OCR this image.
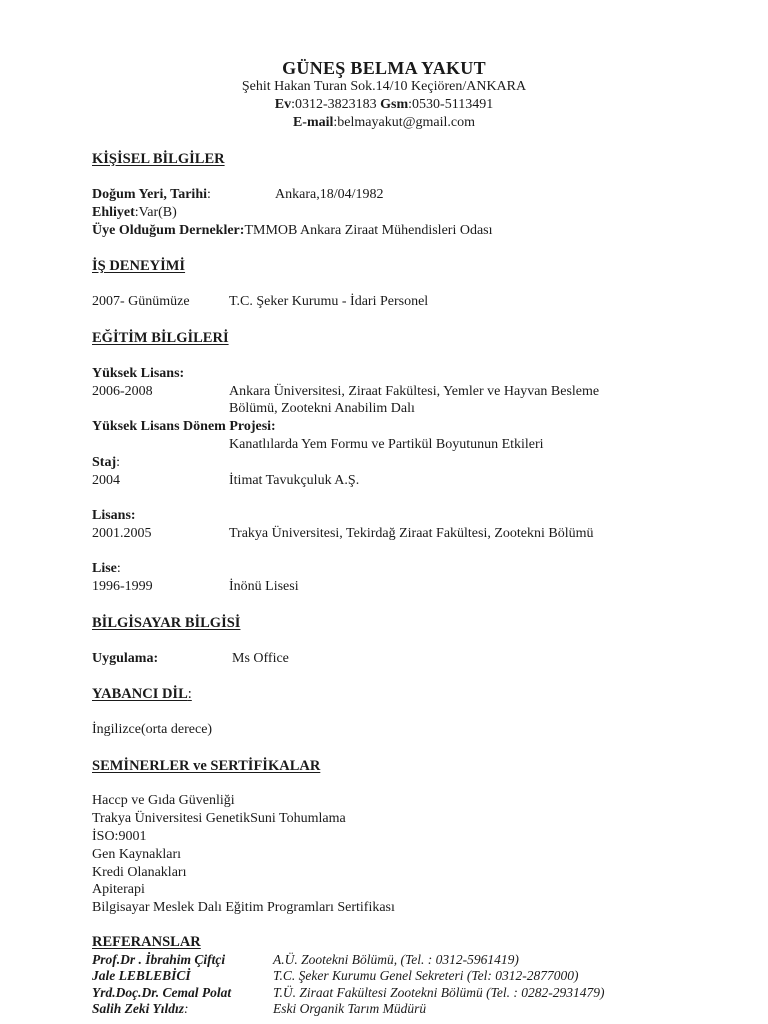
GÜNEŞ BELMA YAKUT
Şehit Hakan Turan Sok.14/10 Keçiören/ANKARA
Ev:0312-3823183 Gsm:0530-5113491
E-mail:belmayakut@gmail.com
KİŞİSEL BİLGİLER
Doğum Yeri, Tarihi:	Ankara,18/04/1982
Ehliyet:Var(B)
Üye Olduğum Dernekler:TMMOB Ankara Ziraat Mühendisleri Odası
İŞ DENEYİMİ
2007- Günümüze	T.C. Şeker Kurumu - İdari Personel
EĞİTİM BİLGİLERİ
Yüksek Lisans:
2006-2008	Ankara Üniversitesi, Ziraat Fakültesi, Yemler ve Hayvan Besleme
Bölümü, Zootekni Anabilim Dalı
Yüksek Lisans Dönem Projesi:
Kanatlılarda Yem Formu ve Partikül Boyutunun Etkileri
Staj:
2004	İtimat Tavukçuluk A.Ş.
Lisans:
2001.2005	Trakya Üniversitesi, Tekirdağ Ziraat Fakültesi, Zootekni Bölümü
Lise:
1996-1999	İnönü Lisesi
BİLGİSAYAR BİLGİSİ
Uygulama:	Ms Office
YABANCI DİL:
İngilizce(orta derece)
SEMİNERLER ve SERTİFİKALAR
Haccp ve Gıda Güvenliği
Trakya Üniversitesi GenetikSuni Tohumlama
İSO:9001
Gen Kaynakları
Kredi Olanakları
Apiterapi
Bilgisayar Meslek Dalı Eğitim Programları Sertifikası
REFERANSLAR
Prof.Dr . İbrahim Çiftçi	A.Ü. Zootekni Bölümü, (Tel. : 0312-5961419)
Jale LEBLEBİCİ	T.C. Şeker Kurumu Genel Sekreteri (Tel: 0312-2877000)
Yrd.Doç.Dr. Cemal Polat	T.Ü. Ziraat Fakültesi Zootekni Bölümü (Tel. : 0282-2931479)
Salih Zeki Yıldız:	Eski Organik Tarım Müdürü
